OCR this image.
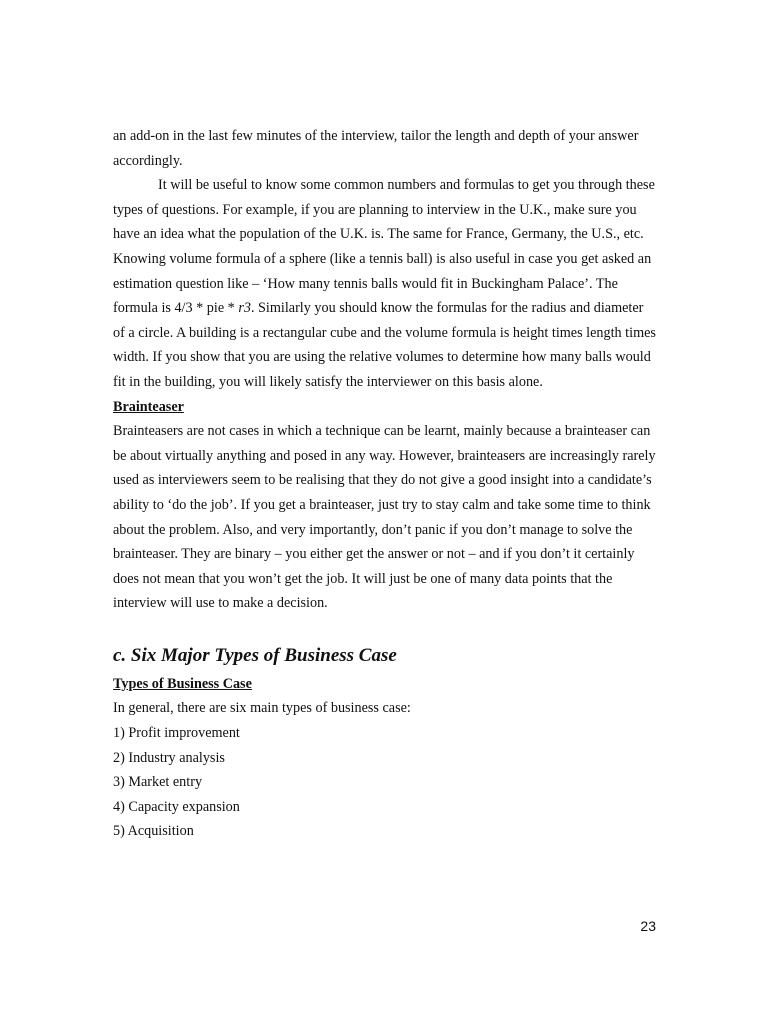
an add-on in the last few minutes of the interview, tailor the length and depth of your answer accordingly.

It will be useful to know some common numbers and formulas to get you through these types of questions. For example, if you are planning to interview in the U.K., make sure you have an idea what the population of the U.K. is. The same for France, Germany, the U.S., etc. Knowing volume formula of a sphere (like a tennis ball) is also useful in case you get asked an estimation question like – ‘How many tennis balls would fit in Buckingham Palace’. The formula is 4/3 * pie * r3. Similarly you should know the formulas for the radius and diameter of a circle. A building is a rectangular cube and the volume formula is height times length times width. If you show that you are using the relative volumes to determine how many balls would fit in the building, you will likely satisfy the interviewer on this basis alone.

Brainteaser

Brainteasers are not cases in which a technique can be learnt, mainly because a brainteaser can be about virtually anything and posed in any way. However, brainteasers are increasingly rarely used as interviewers seem to be realising that they do not give a good insight into a candidate’s ability to ‘do the job’. If you get a brainteaser, just try to stay calm and take some time to think about the problem. Also, and very importantly, don’t panic if you don’t manage to solve the brainteaser. They are binary – you either get the answer or not – and if you don’t it certainly does not mean that you won’t get the job. It will just be one of many data points that the interview will use to make a decision.

c. Six Major Types of Business Case

Types of Business Case

In general, there are six main types of business case:

1) Profit improvement

2) Industry analysis

3) Market entry

4) Capacity expansion

5) Acquisition

23
